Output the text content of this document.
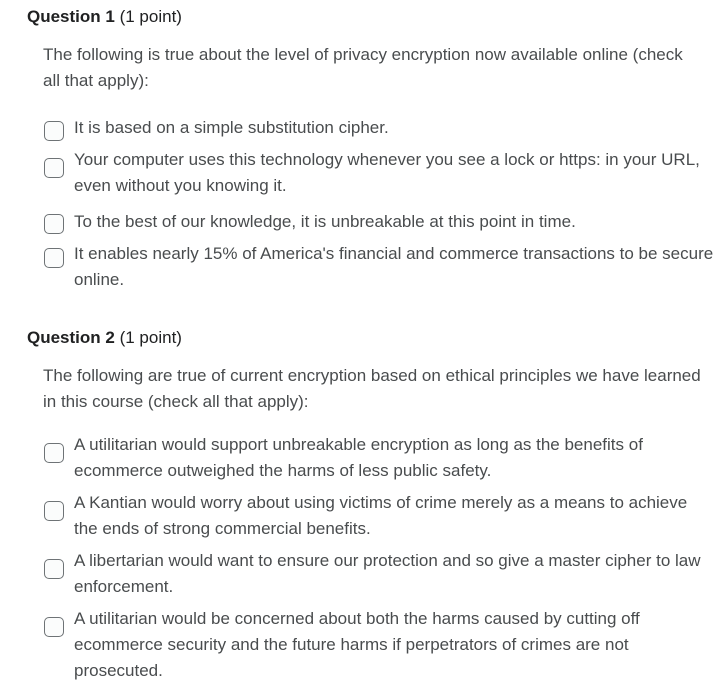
Question 1 (1 point)
The following is true about the level of privacy encryption now available online (check all that apply):
It is based on a simple substitution cipher.
Your computer uses this technology whenever you see a lock or https: in your URL, even without you knowing it.
To the best of our knowledge, it is unbreakable at this point in time.
It enables nearly 15% of America's financial and commerce transactions to be secure online.
Question 2 (1 point)
The following are true of current encryption based on ethical principles we have learned in this course (check all that apply):
A utilitarian would support unbreakable encryption as long as the benefits of ecommerce outweighed the harms of less public safety.
A Kantian would worry about using victims of crime merely as a means to achieve the ends of strong commercial benefits.
A libertarian would want to ensure our protection and so give a master cipher to law enforcement.
A utilitarian would be concerned about both the harms caused by cutting off ecommerce security and the future harms if perpetrators of crimes are not prosecuted.
